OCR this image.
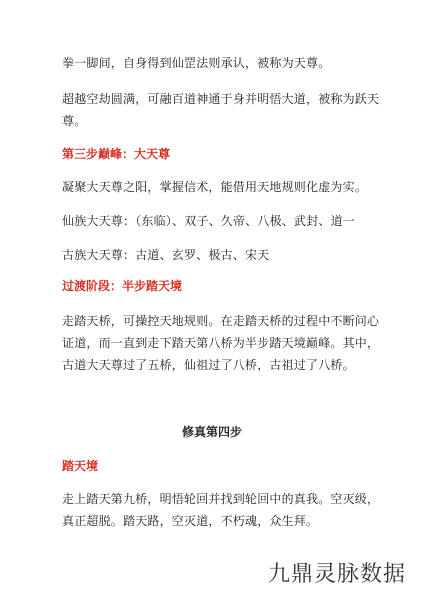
拳一脚间，自身得到仙罡法则承认，被称为天尊。
超越空劫圆满，可融百道神通于身并明悟大道，被称为跃天
尊。
第三步巅峰：大天尊
凝聚大天尊之阳，掌握信术，能借用天地规则化虚为实。
仙族大天尊：（东临）、双子、久帝、八极、武封、道一
古族大天尊：古道、玄罗、极古、宋天
过渡阶段：半步踏天境
走踏天桥，可操控天地规则。在走踏天桥的过程中不断问心
证道，而一直到走下踏天第八桥为半步踏天境巅峰。其中，
古道大天尊过了五桥，仙祖过了八桥，古祖过了八桥。
修真第四步
踏天境
走上踏天第九桥，明悟轮回并找到轮回中的真我。空灭级，
真正超脱。踏天路，空灭道，不朽魂，众生拜。
九鼎灵脉数据
